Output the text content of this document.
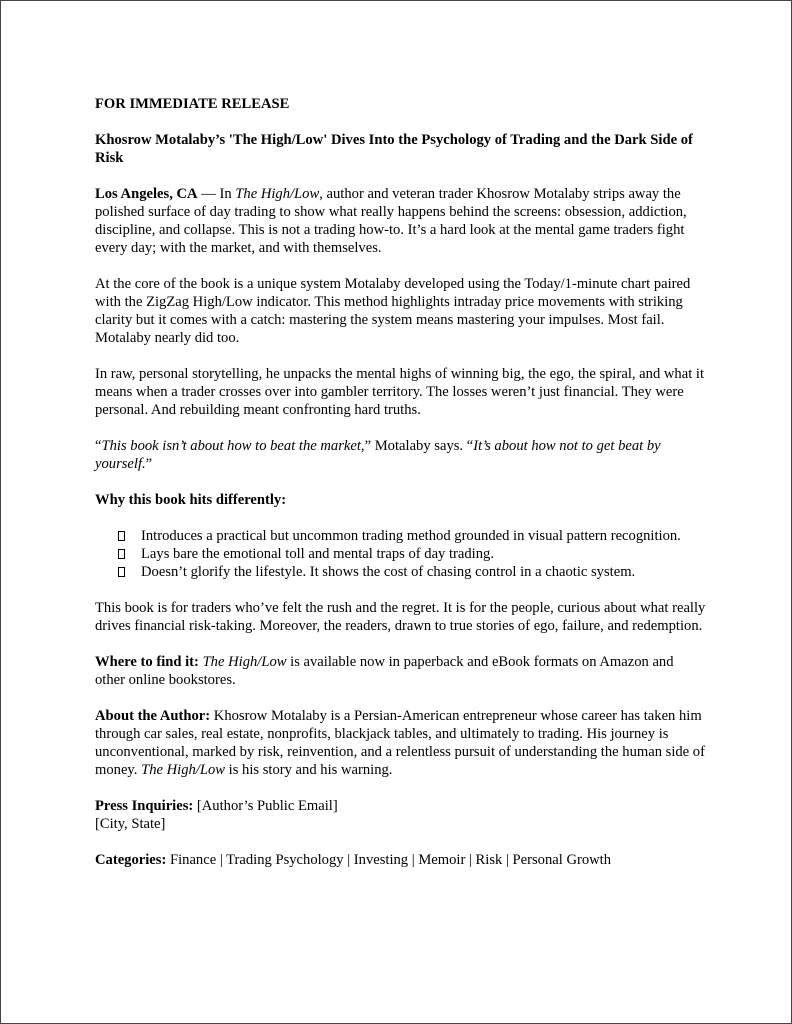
FOR IMMEDIATE RELEASE

Khosrow Motalaby’s 'The High/Low' Dives Into the Psychology of Trading and the Dark Side of Risk

Los Angeles, CA — In The High/Low, author and veteran trader Khosrow Motalaby strips away the polished surface of day trading to show what really happens behind the screens: obsession, addiction, discipline, and collapse. This is not a trading how-to. It’s a hard look at the mental game traders fight every day; with the market, and with themselves.

At the core of the book is a unique system Motalaby developed using the Today/1-minute chart paired with the ZigZag High/Low indicator. This method highlights intraday price movements with striking clarity but it comes with a catch: mastering the system means mastering your impulses. Most fail. Motalaby nearly did too.

In raw, personal storytelling, he unpacks the mental highs of winning big, the ego, the spiral, and what it means when a trader crosses over into gambler territory. The losses weren’t just financial. They were personal. And rebuilding meant confronting hard truths.

“This book isn’t about how to beat the market,” Motalaby says. “It’s about how not to get beat by yourself.”

Why this book hits differently:

Introduces a practical but uncommon trading method grounded in visual pattern recognition.
Lays bare the emotional toll and mental traps of day trading.
Doesn’t glorify the lifestyle. It shows the cost of chasing control in a chaotic system.

This book is for traders who’ve felt the rush and the regret. It is for the people, curious about what really drives financial risk-taking. Moreover, the readers, drawn to true stories of ego, failure, and redemption.

Where to find it: The High/Low is available now in paperback and eBook formats on Amazon and other online bookstores.

About the Author: Khosrow Motalaby is a Persian-American entrepreneur whose career has taken him through car sales, real estate, nonprofits, blackjack tables, and ultimately to trading. His journey is unconventional, marked by risk, reinvention, and a relentless pursuit of understanding the human side of money. The High/Low is his story and his warning.

Press Inquiries: [Author’s Public Email]
[City, State]

Categories: Finance | Trading Psychology | Investing | Memoir | Risk | Personal Growth
